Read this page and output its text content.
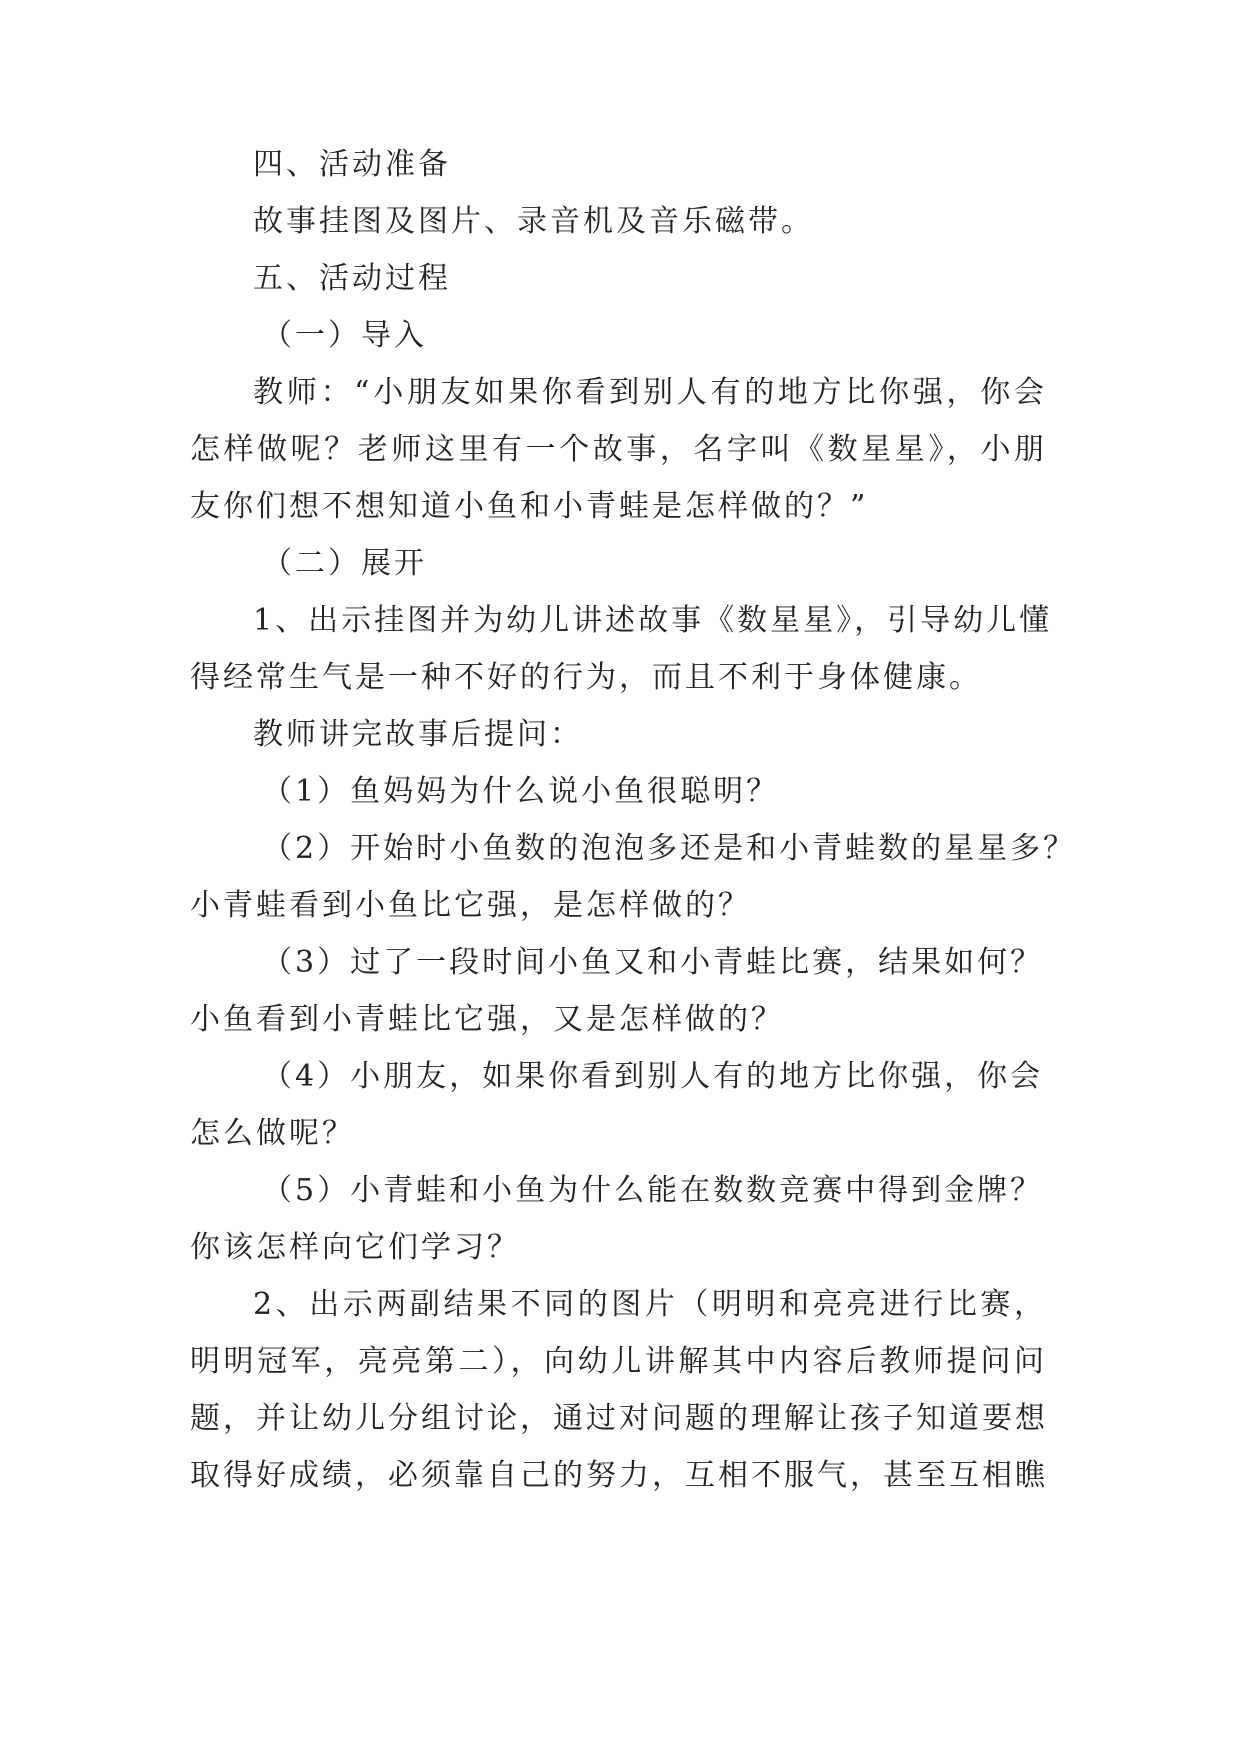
四、活动准备
故事挂图及图片、录音机及音乐磁带。
五、活动过程
（一）导入
教师：“小朋友如果你看到别人有的地方比你强，你会
怎样做呢？老师这里有一个故事，名字叫《数星星》，小朋
友你们想不想知道小鱼和小青蛙是怎样做的？”
（二）展开
1、出示挂图并为幼儿讲述故事《数星星》，引导幼儿懂
得经常生气是一种不好的行为，而且不利于身体健康。
教师讲完故事后提问：
（1）鱼妈妈为什么说小鱼很聪明？
（2）开始时小鱼数的泡泡多还是和小青蛙数的星星多？
小青蛙看到小鱼比它强，是怎样做的？
（3）过了一段时间小鱼又和小青蛙比赛，结果如何？
小鱼看到小青蛙比它强，又是怎样做的？
（4）小朋友，如果你看到别人有的地方比你强，你会
怎么做呢？
（5）小青蛙和小鱼为什么能在数数竞赛中得到金牌？
你该怎样向它们学习？
2、出示两副结果不同的图片（明明和亮亮进行比赛，
明明冠军，亮亮第二），向幼儿讲解其中内容后教师提问问
题，并让幼儿分组讨论，通过对问题的理解让孩子知道要想
取得好成绩，必须靠自己的努力，互相不服气，甚至互相瞧
